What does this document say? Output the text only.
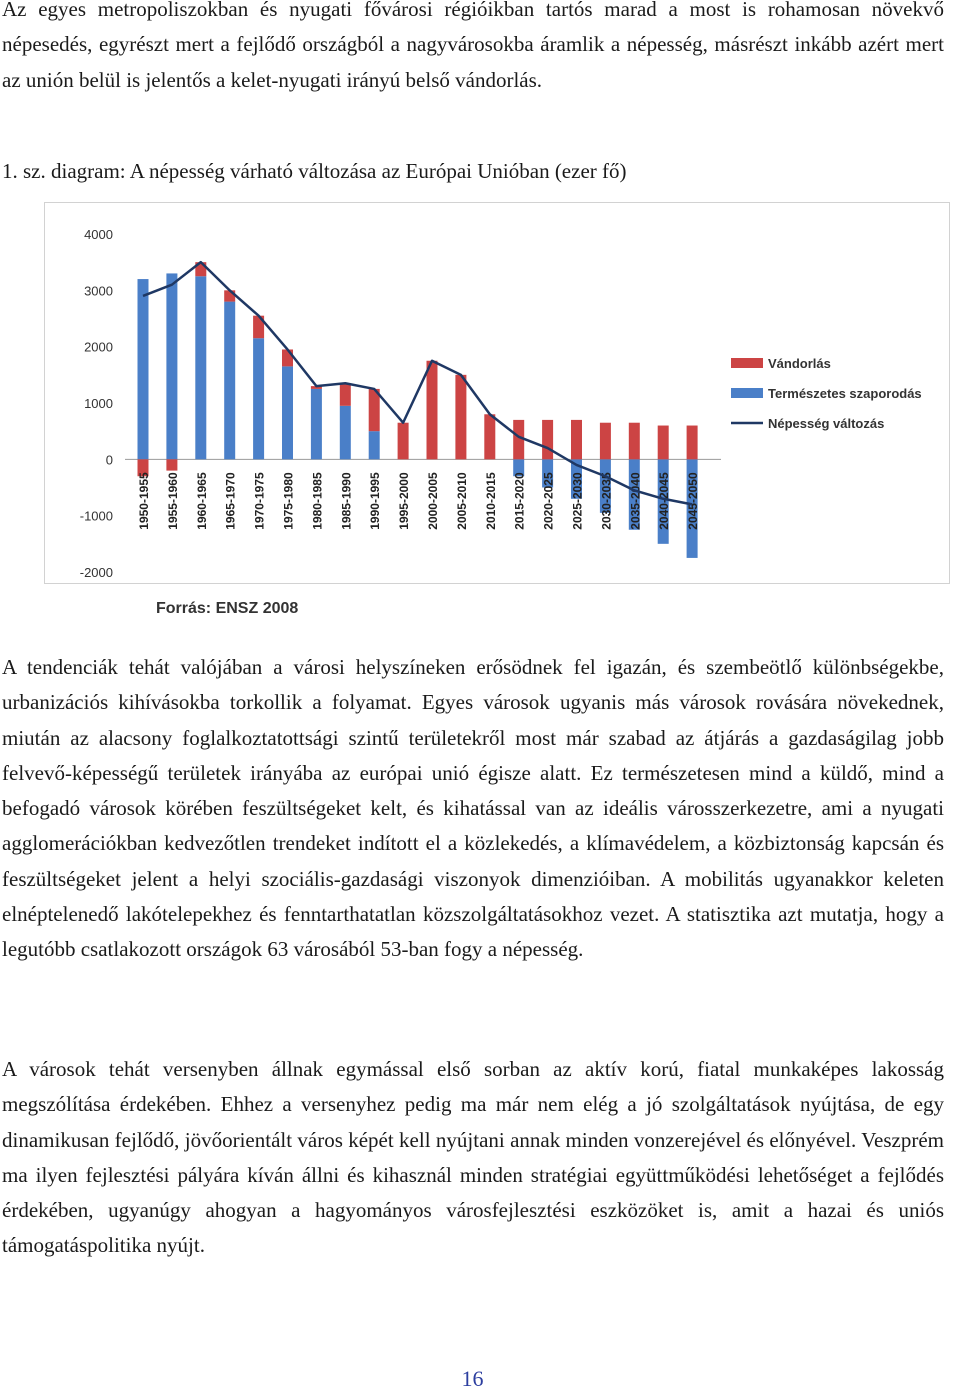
Az egyes metropoliszokban és nyugati fővárosi régióikban tartós marad a most is rohamosan növekvő népesedés, egyrészt mert a fejlődő országból a nagyvárosokba áramlik a népesség, másrészt inkább azért mert az unión belül is jelentős a kelet-nyugati irányú belső vándorlás.

1. sz. diagram: A népesség várható változása az Európai Unióban (ezer fő)

4000
3000
2000
1000
0
-1000
-2000
1950-1955 1955-1960 1960-1965 1965-1970 1970-1975 1975-1980 1980-1985 1985-1990 1990-1995 1995-2000 2000-2005 2005-2010 2010-2015 2015-2020 2020-2025 2025-2030 2030-2035 2035-2040 2040-2045 2045-2050
Vándorlás
Természetes szaporodás
Népesség változás

A tendenciák tehát valójában a városi helyszíneken erősödnek fel igazán, és szembeötlő különbségekbe, urbanizációs kihívásokba torkollik a folyamat. Egyes városok ugyanis más városok rovására növekednek, miután az alacsony foglalkoztatottsági szintű területekről most már szabad az átjárás a gazdaságilag jobb felvevő-képességű területek irányába az európai unió égisze alatt. Ez természetesen mind a küldő, mind a befogadó városok körében feszültségeket kelt, és kihatással van az ideális városszerkezetre, ami a nyugati agglomerációkban kedvezőtlen trendeket indított el a közlekedés, a klímavédelem, a közbiztonság kapcsán és feszültségeket jelent a helyi szociális-gazdasági viszonyok dimenzióiban. A mobilitás ugyanakkor keleten elnéptelenedő lakótelepekhez és fenntarthatatlan közszolgáltatásokhoz vezet. A statisztika azt mutatja, hogy a legutóbb csatlakozott országok 63 városából 53-ban fogy a népesség.

A városok tehát versenyben állnak egymással első sorban az aktív korú, fiatal munkaképes lakosság megszólítása érdekében. Ehhez a versenyhez pedig ma már nem elég a jó szolgáltatások nyújtása, de egy dinamikusan fejlődő, jövőorientált város képét kell nyújtani annak minden vonzerejével és előnyével. Veszprém ma ilyen fejlesztési pályára kíván állni és kihasznál minden stratégiai együttműködési lehetőséget a fejlődés érdekében, ugyanúgy ahogyan a hagyományos városfejlesztési eszközöket is, amit a hazai és uniós támogatáspolitika nyújt.

16
Forrás: ENSZ 2008
